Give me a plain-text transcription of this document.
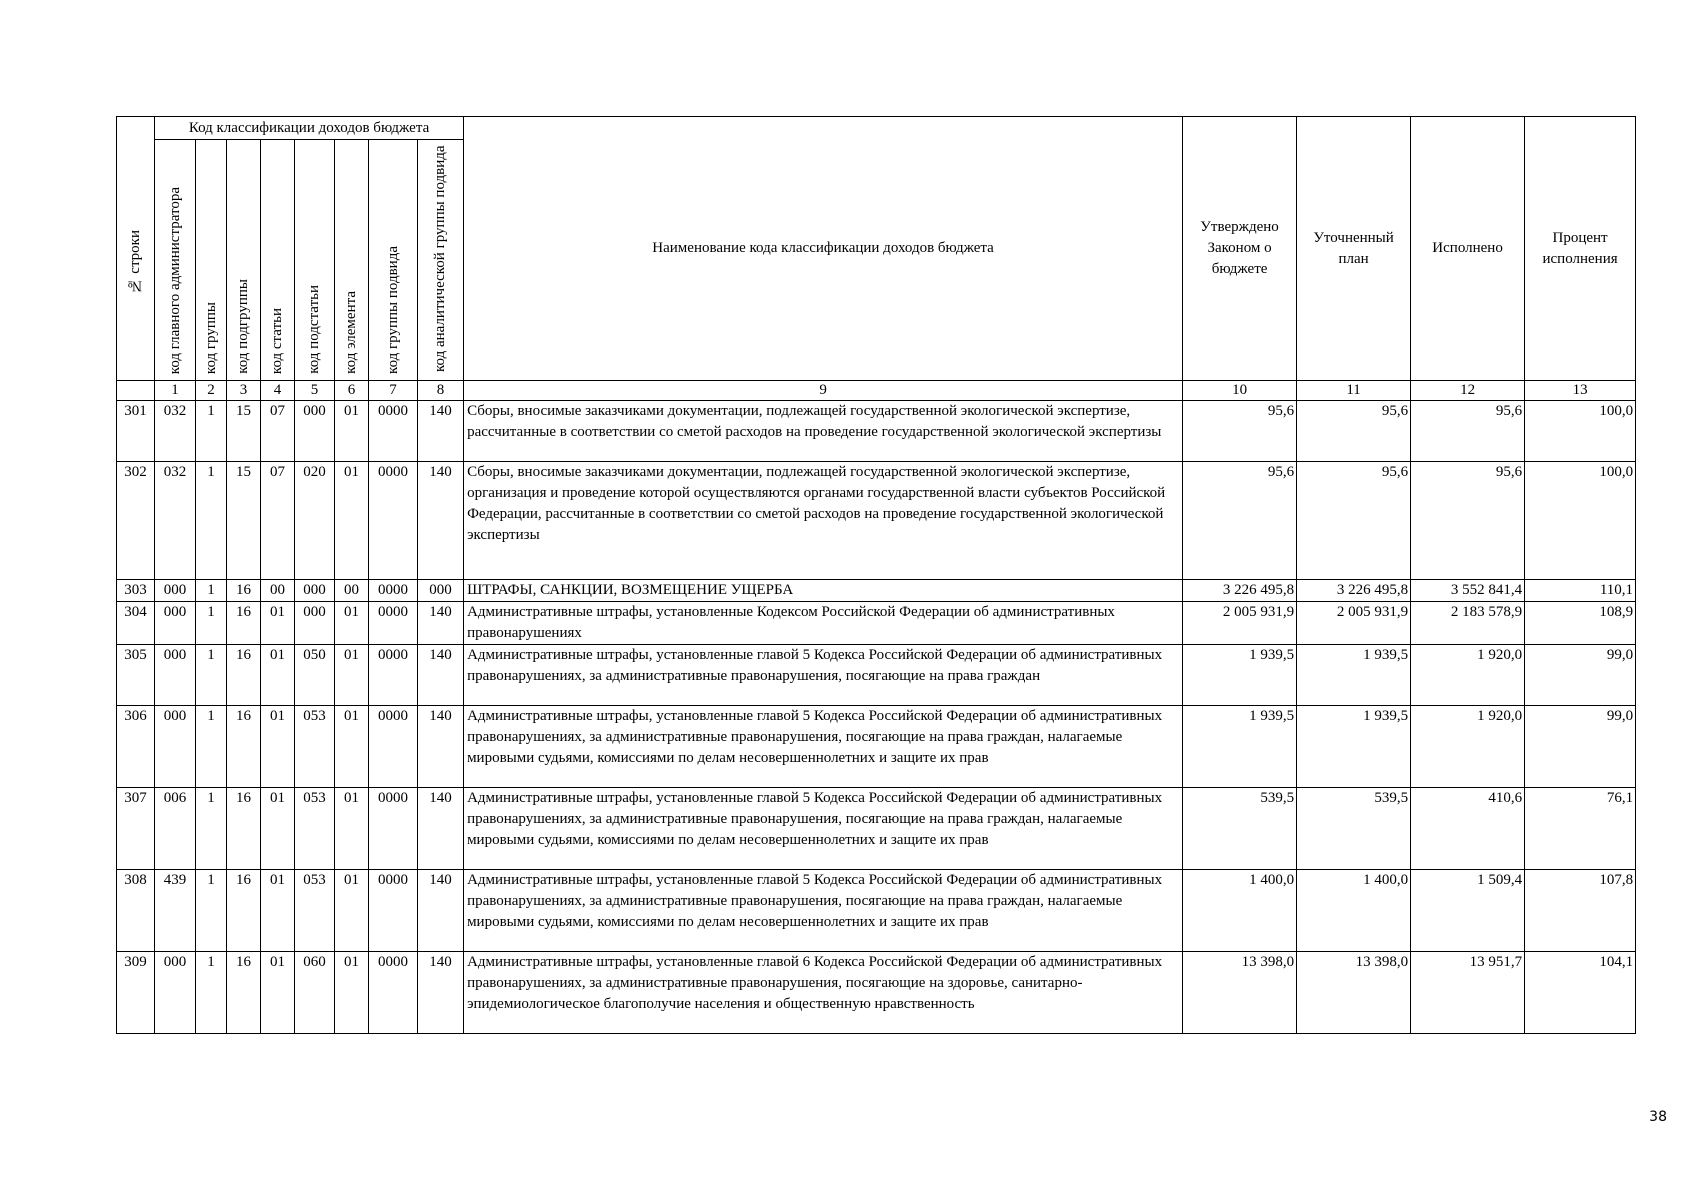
№ строки	Код классификации доходов бюджета								Наименование кода классификации доходов бюджета	Утверждено Законом о бюджете	Уточненный план	Исполнено	Процент исполнения

	код главного администратора	код группы	код подгруппы	код статьи	код подстатьи	код элемента	код группы подвида	код аналитической группы подвида					

	1	2	3	4	5	6	7	8	9	10	11	12	13
301	032	1	15	07	000	01	0000	140	Сборы, вносимые заказчиками документации, подлежащей государственной экологической экспертизе, рассчитанные в соответствии со сметой расходов на проведение государственной экологической экспертизы	95,6	95,6	95,6	100,0
302	032	1	15	07	020	01	0000	140	Сборы, вносимые заказчиками документации, подлежащей государственной экологической экспертизе, организация и проведение которой осуществляются органами государственной власти субъектов Российской Федерации, рассчитанные в соответствии со сметой расходов на проведение государственной экологической экспертизы	95,6	95,6	95,6	100,0
303	000	1	16	00	000	00	0000	000	ШТРАФЫ, САНКЦИИ, ВОЗМЕЩЕНИЕ УЩЕРБА	3 226 495,8	3 226 495,8	3 552 841,4	110,1
304	000	1	16	01	000	01	0000	140	Административные штрафы, установленные Кодексом Российской Федерации об административных правонарушениях	2 005 931,9	2 005 931,9	2 183 578,9	108,9
305	000	1	16	01	050	01	0000	140	Административные штрафы, установленные главой 5 Кодекса Российской Федерации об административных правонарушениях, за административные правонарушения, посягающие на права граждан	1 939,5	1 939,5	1 920,0	99,0
306	000	1	16	01	053	01	0000	140	Административные штрафы, установленные главой 5 Кодекса Российской Федерации об административных правонарушениях, за административные правонарушения, посягающие на права граждан, налагаемые мировыми судьями, комиссиями по делам несовершеннолетних и защите их прав	1 939,5	1 939,5	1 920,0	99,0
307	006	1	16	01	053	01	0000	140	Административные штрафы, установленные главой 5 Кодекса Российской Федерации об административных правонарушениях, за административные правонарушения, посягающие на права граждан, налагаемые мировыми судьями, комиссиями по делам несовершеннолетних и защите их прав	539,5	539,5	410,6	76,1
308	439	1	16	01	053	01	0000	140	Административные штрафы, установленные главой 5 Кодекса Российской Федерации об административных правонарушениях, за административные правонарушения, посягающие на права граждан, налагаемые мировыми судьями, комиссиями по делам несовершеннолетних и защите их прав	1 400,0	1 400,0	1 509,4	107,8
309	000	1	16	01	060	01	0000	140	Административные штрафы, установленные главой 6 Кодекса Российской Федерации об административных правонарушениях, за административные правонарушения, посягающие на здоровье, санитарно-эпидемиологическое благополучие населения и общественную нравственность	13 398,0	13 398,0	13 951,7	104,1
38
